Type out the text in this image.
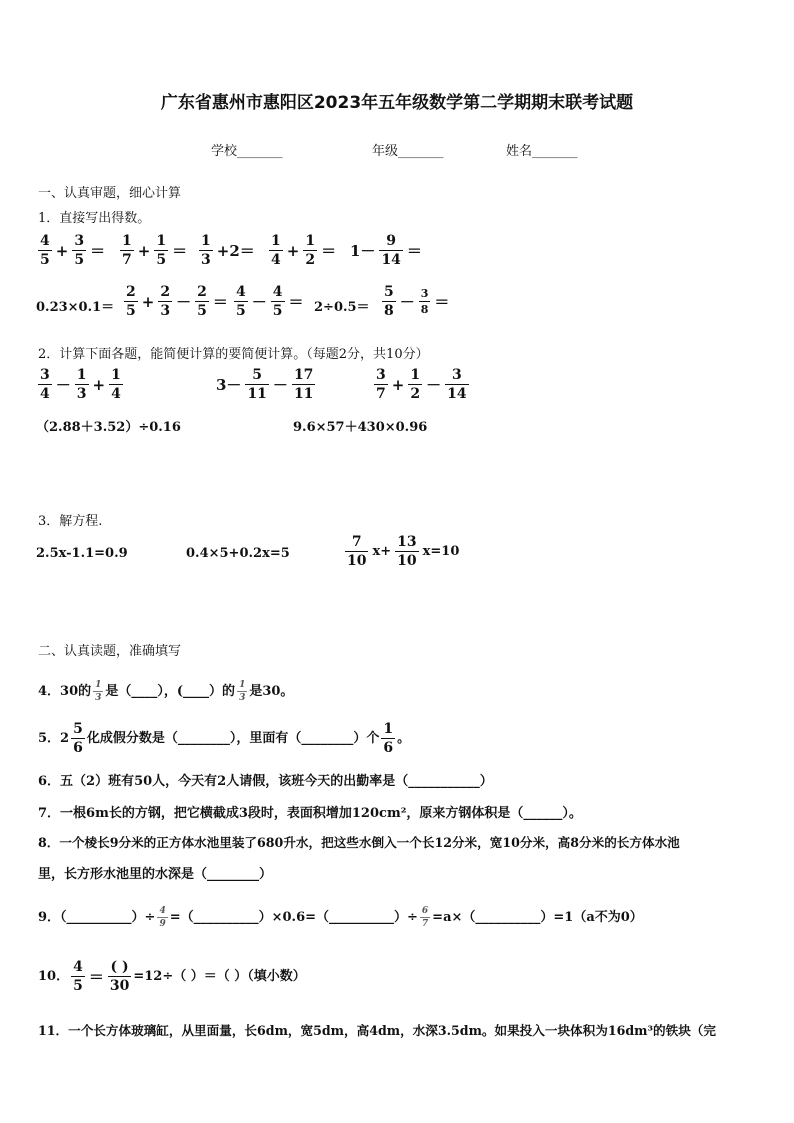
广东省惠州市惠阳区2023年五年级数学第二学期期末联考试题
学校_______	年级_______	姓名_______
一、认真审题，细心计算
1．直接写出得数。
$\frac{4}{5} + \frac{3}{5} = \frac{1}{7} + \frac{1}{5} = \frac{1}{3} +2= \frac{1}{4} + \frac{1}{2} = 1- \frac{9}{14}$ ＝
$0.23\times 0.1= \frac{2}{5} + \frac{2}{3} - \frac{2}{5} = \frac{4}{5} - \frac{4}{5} = 2\div 0.5= \frac{5}{8} - \frac{3}{8}$ ＝
2．计算下面各题，能简便计算的要简便计算。（每题2分，共10分）
$\frac{3}{4} - \frac{1}{3} + \frac{1}{4}$	$3- \frac{5}{11} - \frac{17}{11}$	$\frac{3}{7} + \frac{1}{2} - \frac{3}{14}$
（2.88＋3.52）÷0.16	9.6×57＋430×0.96
3．解方程.
2.5x-1.1=0.9	0.4×5+0.2x=5	$\frac{7}{10} x+ \frac{13}{10} x=10$
二、认真读题，准确填写
4．30的 $\frac{1}{3}$ 是（____），(____）的 $\frac{1}{3}$ 是30。
5．$2 \frac{5}{6}$ 化成假分数是（________），里面有（________）个 $\frac{1}{6}$ 。
6．五（2）班有50人，今天有2人请假，该班今天的出勤率是（___________）
7．一根6m长的方钢，把它横截成3段时，表面积增加120cm²，原来方钢体积是（______）。
8．一个棱长9分米的正方体水池里装了680升水，把这些水倒入一个长12分米，宽10分米，高8分米的长方体水池
里，长方形水池里的水深是（________）
9．（__________）÷ $\frac{4}{9}$ =（__________）×0.6=（__________）÷ $\frac{6}{7}$ =a×（__________）=1（a不为0）
10． $\frac{4}{5} = \frac{( )}{30} =12\div$（ ）＝（ ）（填小数）
11．一个长方体玻璃缸，从里面量，长6dm，宽5dm，高4dm，水深3.5dm。如果投入一块体积为16dm³的铁块（完
